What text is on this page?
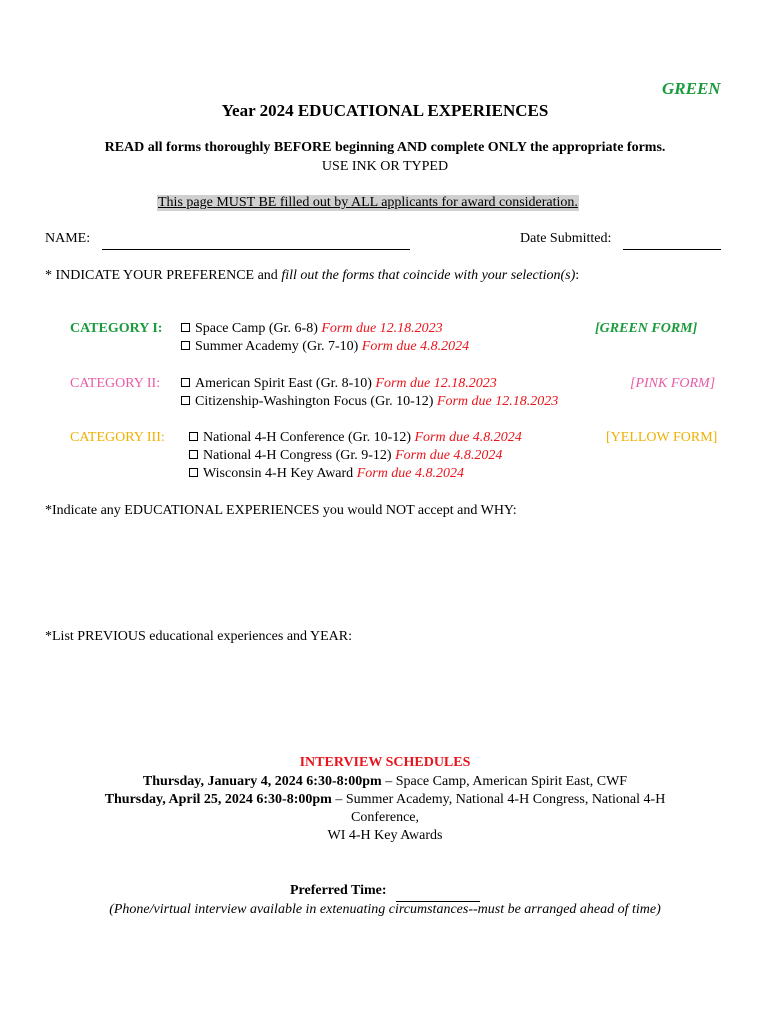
GREEN
Year 2024 EDUCATIONAL EXPERIENCES
READ all forms thoroughly BEFORE beginning AND complete ONLY the appropriate forms.
USE INK OR TYPED
This page MUST BE filled out by ALL applicants for award consideration.
NAME:	Date Submitted:
* INDICATE YOUR PREFERENCE and fill out the forms that coincide with your selection(s):
CATEGORY I:	[GREEN FORM]
Space Camp (Gr. 6-8) Form due 12.18.2023
Summer Academy (Gr. 7-10) Form due 4.8.2024
CATEGORY II:	[PINK FORM]
American Spirit East (Gr. 8-10) Form due 12.18.2023
Citizenship-Washington Focus (Gr. 10-12) Form due 12.18.2023
CATEGORY III:	[YELLOW FORM]
National 4-H Conference (Gr. 10-12) Form due 4.8.2024
National 4-H Congress (Gr. 9-12) Form due 4.8.2024
Wisconsin 4-H Key Award Form due 4.8.2024
*Indicate any EDUCATIONAL EXPERIENCES you would NOT accept and WHY:
*List PREVIOUS educational experiences and YEAR:
INTERVIEW SCHEDULES
Thursday, January 4, 2024 6:30-8:00pm – Space Camp, American Spirit East, CWF
Thursday, April 25, 2024 6:30-8:00pm – Summer Academy, National 4-H Congress, National 4-H
Conference,
WI 4-H Key Awards
Preferred Time:
(Phone/virtual interview available in extenuating circumstances--must be arranged ahead of time)
